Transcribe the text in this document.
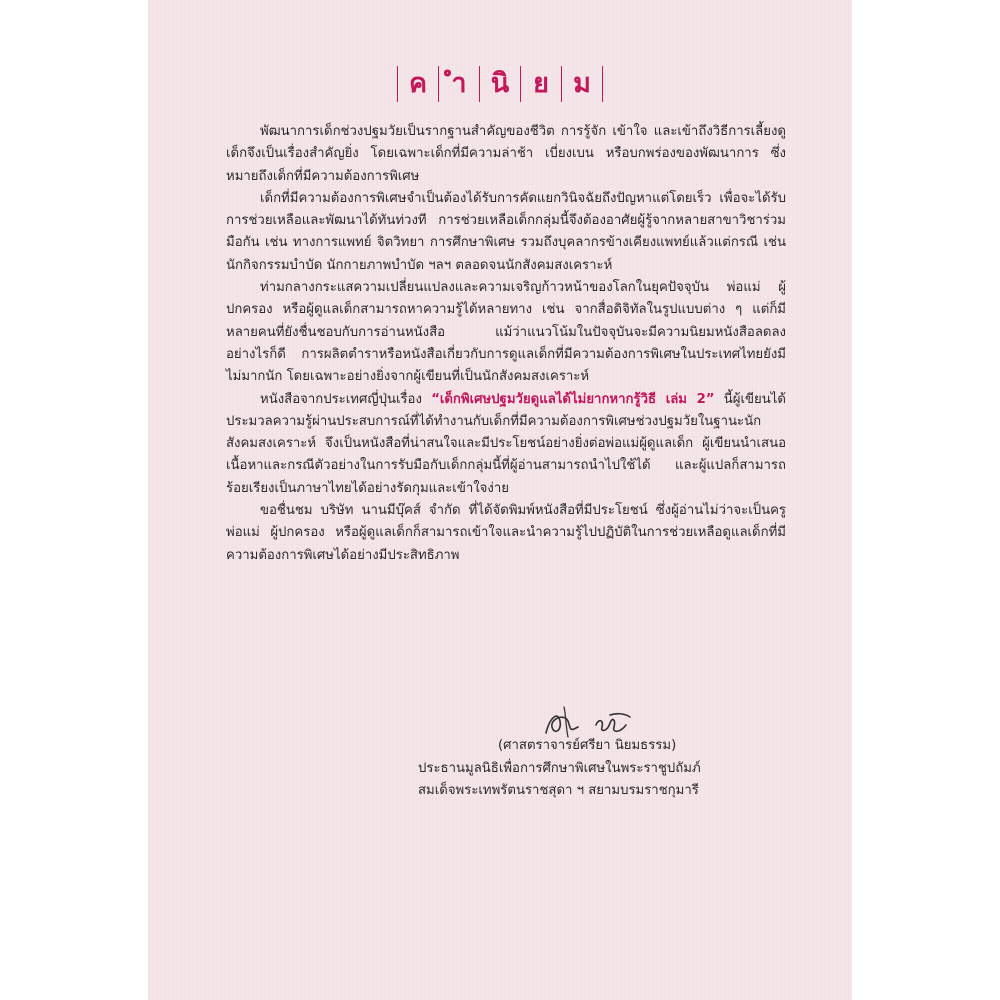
ค ำ นิ ย ม

พัฒนาการเด็กช่วงปฐมวัยเป็นรากฐานสำคัญของชีวิต การรู้จัก เข้าใจ และเข้าถึงวิธีการเลี้ยงดูเด็กจึงเป็นเรื่องสำคัญยิ่ง โดยเฉพาะเด็กที่มีความล่าช้า เบี่ยงเบน หรือบกพร่องของพัฒนาการ ซึ่งหมายถึงเด็กที่มีความต้องการพิเศษ

เด็กที่มีความต้องการพิเศษจำเป็นต้องได้รับการคัดแยกวินิจฉัยถึงปัญหาแต่โดยเร็ว เพื่อจะได้รับการช่วยเหลือและพัฒนาได้ทันท่วงที การช่วยเหลือเด็กกลุ่มนี้จึงต้องอาศัยผู้รู้จากหลายสาขาวิชาร่วมมือกัน เช่น ทางการแพทย์ จิตวิทยา การศึกษาพิเศษ รวมถึงบุคลากรข้างเคียงแพทย์แล้วแต่กรณี เช่น นักกิจกรรมบำบัด นักกายภาพบำบัด ฯลฯ ตลอดจนนักสังคมสงเคราะห์

ท่ามกลางกระแสความเปลี่ยนแปลงและความเจริญก้าวหน้าของโลกในยุคปัจจุบัน พ่อแม่ ผู้ปกครอง หรือผู้ดูแลเด็กสามารถหาความรู้ได้หลายทาง เช่น จากสื่อดิจิทัลในรูปแบบต่าง ๆ แต่ก็มีหลายคนที่ยังชื่นชอบกับการอ่านหนังสือ แม้ว่าแนวโน้มในปัจจุบันจะมีความนิยมหนังสือลดลง อย่างไรก็ดี การผลิตตำราหรือหนังสือเกี่ยวกับการดูแลเด็กที่มีความต้องการพิเศษในประเทศไทยยังมีไม่มากนัก โดยเฉพาะอย่างยิ่งจากผู้เขียนที่เป็นนักสังคมสงเคราะห์

หนังสือจากประเทศญี่ปุ่นเรื่อง “เด็กพิเศษปฐมวัยดูแลได้ไม่ยากหากรู้วิธี เล่ม 2” นี้ผู้เขียนได้ประมวลความรู้ผ่านประสบการณ์ที่ได้ทำงานกับเด็กที่มีความต้องการพิเศษช่วงปฐมวัยในฐานะนักสังคมสงเคราะห์ จึงเป็นหนังสือที่น่าสนใจและมีประโยชน์อย่างยิ่งต่อพ่อแม่ผู้ดูแลเด็ก ผู้เขียนนำเสนอเนื้อหาและกรณีตัวอย่างในการรับมือกับเด็กกลุ่มนี้ที่ผู้อ่านสามารถนำไปใช้ได้ และผู้แปลก็สามารถร้อยเรียงเป็นภาษาไทยได้อย่างรัดกุมและเข้าใจง่าย

ขอชื่นชม บริษัท นานมีบุ๊คส์ จำกัด ที่ได้จัดพิมพ์หนังสือที่มีประโยชน์ ซึ่งผู้อ่านไม่ว่าจะเป็นครู พ่อแม่ ผู้ปกครอง หรือผู้ดูแลเด็กก็สามารถเข้าใจและนำความรู้ไปปฏิบัติในการช่วยเหลือดูแลเด็กที่มีความต้องการพิเศษได้อย่างมีประสิทธิภาพ

(ศาสตราจารย์ศรียา นิยมธรรม)
ประธานมูลนิธิเพื่อการศึกษาพิเศษในพระราชูปถัมภ์
สมเด็จพระเทพรัตนราชสุดา ฯ สยามบรมราชกุมารี
